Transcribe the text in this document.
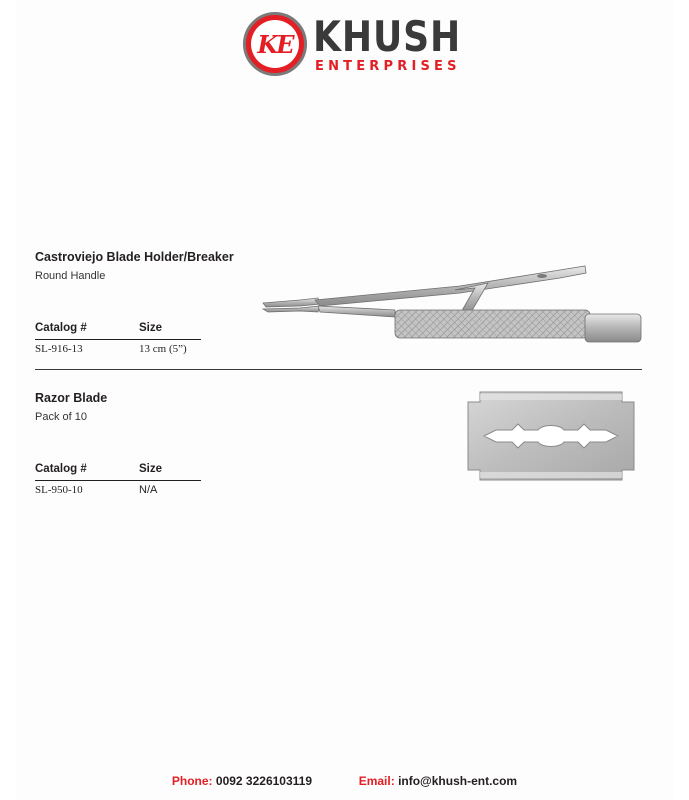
KE KHUSH
ENTERPRISES
Castroviejo Blade Holder/Breaker
Round Handle
Catalog #	Size
SL-916-13	13 cm (5”)
Razor Blade
Pack of 10
Catalog #	Size
SL-950-10	N/A
Phone: 0092 3226103119	Email: info@khush-ent.com
